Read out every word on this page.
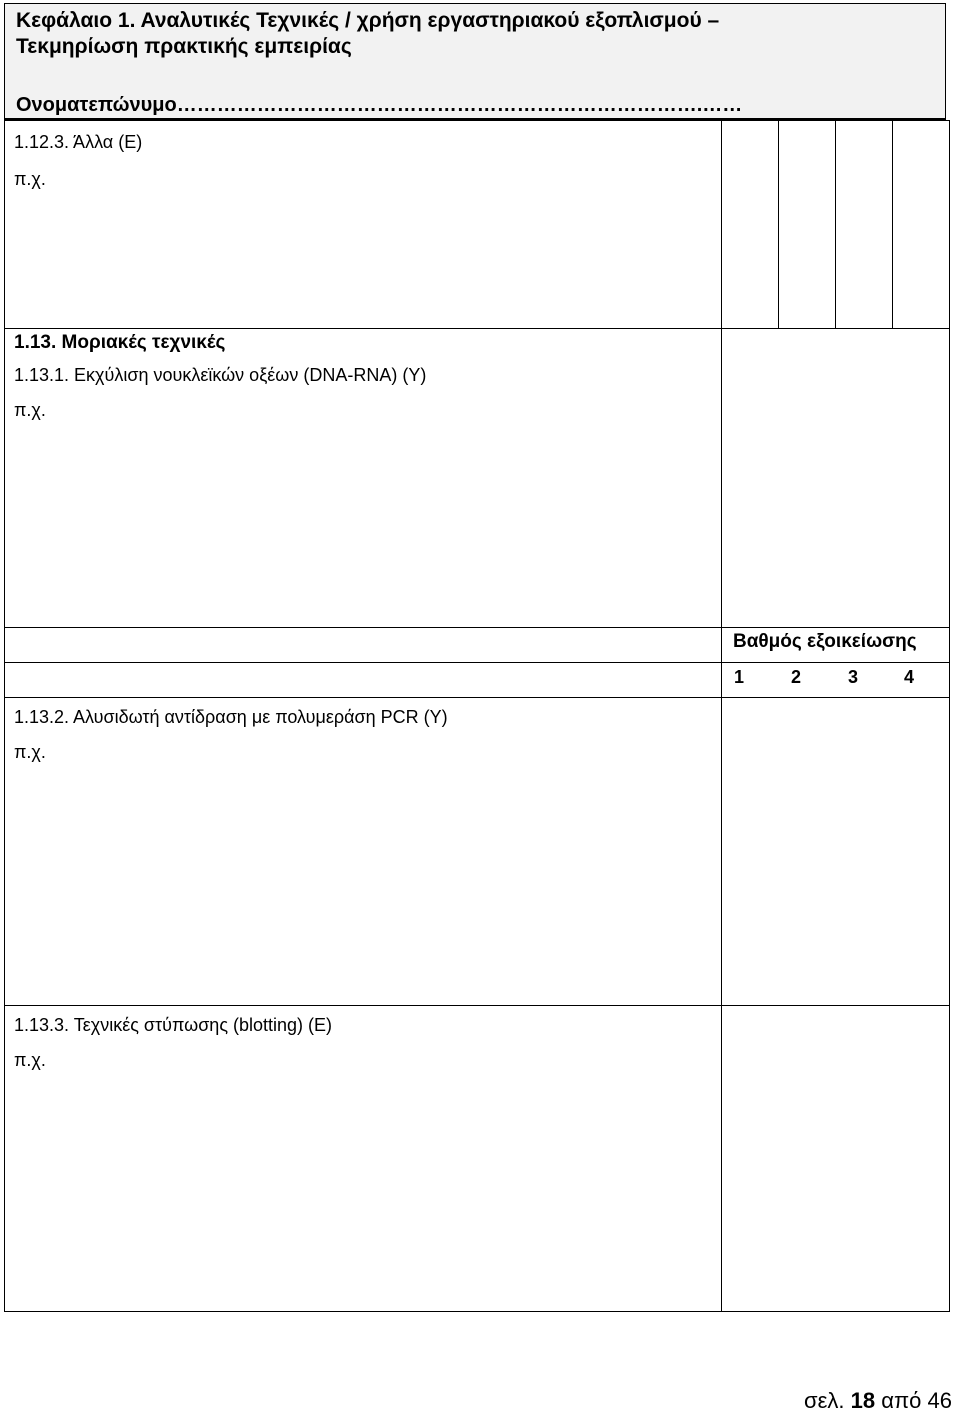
Κεφάλαιο 1. Αναλυτικές Τεχνικές / χρήση εργαστηριακού εξοπλισμού –
Τεκμηρίωση πρακτικής εμπειρίας
Ονοματεπώνυμο…………………………………………………………………….……
1.12.3. Άλλα (Ε)
π.χ.
1.13. Μοριακές τεχνικές
1.13.1. Εκχύλιση νουκλεϊκών οξέων (DNA-RNA) (Υ)
π.χ.
Βαθμός εξοικείωσης
1	2	3	4
1.13.2. Αλυσιδωτή αντίδραση με πολυμεράση PCR (Υ)
π.χ.
1.13.3. Τεχνικές στύπωσης (blotting) (Ε)
π.χ.
σελ. 18 από 46
